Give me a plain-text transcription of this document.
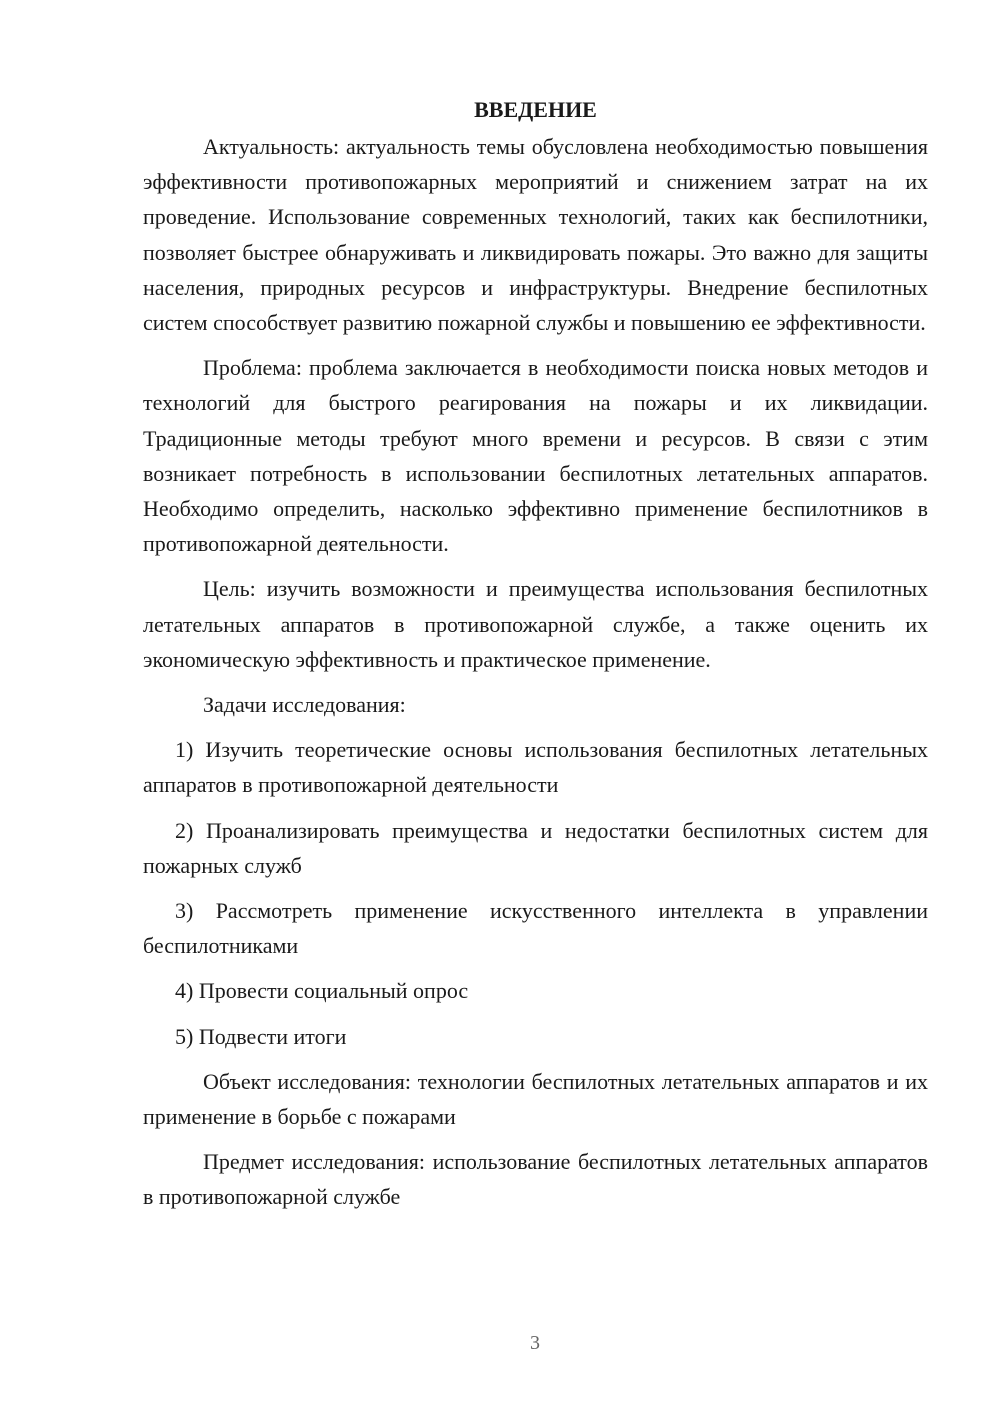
ВВЕДЕНИЕ

Актуальность: актуальность темы обусловлена необходимостью повышения эффективности противопожарных мероприятий и снижением затрат на их проведение. Использование современных технологий, таких как беспилотники, позволяет быстрее обнаруживать и ликвидировать пожары. Это важно для защиты населения, природных ресурсов и инфраструктуры. Внедрение беспилотных систем способствует развитию пожарной службы и повышению ее эффективности.

Проблема: проблема заключается в необходимости поиска новых методов и технологий для быстрого реагирования на пожары и их ликвидации. Традиционные методы требуют много времени и ресурсов. В связи с этим возникает потребность в использовании беспилотных летательных аппаратов. Необходимо определить, насколько эффективно применение беспилотников в противопожарной деятельности.

Цель: изучить возможности и преимущества использования беспилотных летательных аппаратов в противопожарной службе, а также оценить их экономическую эффективность и практическое применение.

Задачи исследования:

1) Изучить теоретические основы использования беспилотных летательных аппаратов в противопожарной деятельности

2) Проанализировать преимущества и недостатки беспилотных систем для пожарных служб

3) Рассмотреть применение искусственного интеллекта в управлении беспилотниками

4) Провести социальный опрос

5) Подвести итоги

Объект исследования: технологии беспилотных летательных аппаратов и их применение в борьбе с пожарами

Предмет исследования: использование беспилотных летательных аппаратов в противопожарной службе

3
